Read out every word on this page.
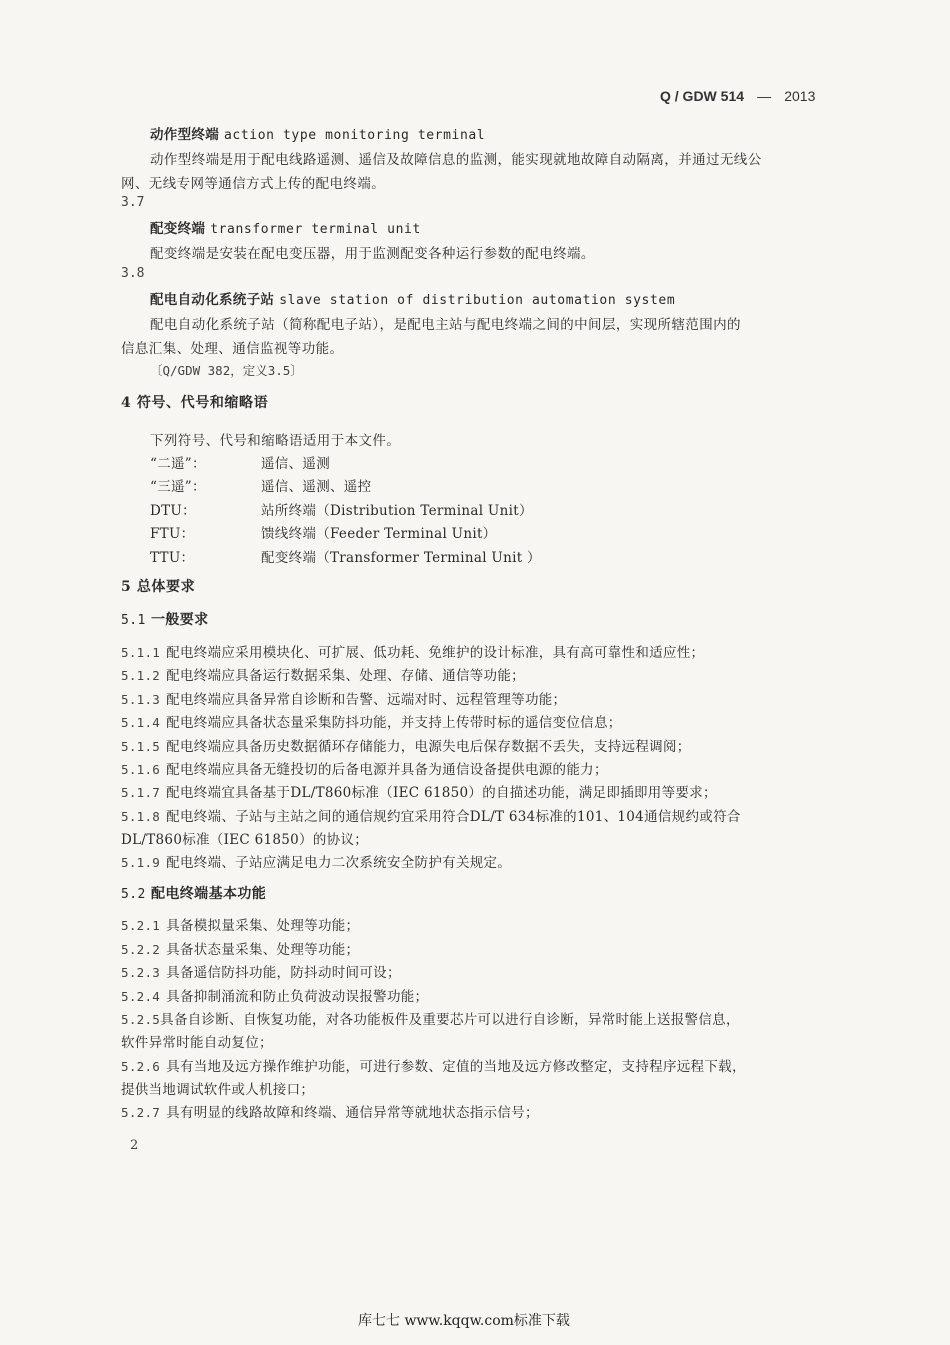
Q / GDW 514 — 2013
动作型终端 action type monitoring terminal
动作型终端是用于配电线路遥测、遥信及故障信息的监测，能实现就地故障自动隔离，并通过无线公
网、无线专网等通信方式上传的配电终端。
3.7
配变终端 transformer terminal unit
配变终端是安装在配电变压器，用于监测配变各种运行参数的配电终端。
3.8
配电自动化系统子站 slave station of distribution automation system
配电自动化系统子站（简称配电子站），是配电主站与配电终端之间的中间层，实现所辖范围内的
信息汇集、处理、通信监视等功能。
〔Q/GDW 382，定义3.5〕
4 符号、代号和缩略语
下列符号、代号和缩略语适用于本文件。
“二遥”：	遥信、遥测
“三遥”：	遥信、遥测、遥控
DTU：	站所终端（Distribution Terminal Unit）
FTU：	馈线终端（Feeder Terminal Unit）
TTU：	配变终端（Transformer Terminal Unit ）
5 总体要求
5.1 一般要求
5.1.1 配电终端应采用模块化、可扩展、低功耗、免维护的设计标准，具有高可靠性和适应性；
5.1.2 配电终端应具备运行数据采集、处理、存储、通信等功能；
5.1.3 配电终端应具备异常自诊断和告警、远端对时、远程管理等功能；
5.1.4 配电终端应具备状态量采集防抖功能，并支持上传带时标的遥信变位信息；
5.1.5 配电终端应具备历史数据循环存储能力，电源失电后保存数据不丢失，支持远程调阅；
5.1.6 配电终端应具备无缝投切的后备电源并具备为通信设备提供电源的能力；
5.1.7 配电终端宜具备基于DL/T860标准（IEC 61850）的自描述功能，满足即插即用等要求；
5.1.8 配电终端、子站与主站之间的通信规约宜采用符合DL/T 634标准的101、104通信规约或符合
DL/T860标准（IEC 61850）的协议；
5.1.9 配电终端、子站应满足电力二次系统安全防护有关规定。
5.2 配电终端基本功能
5.2.1 具备模拟量采集、处理等功能；
5.2.2 具备状态量采集、处理等功能；
5.2.3 具备遥信防抖功能，防抖动时间可设；
5.2.4 具备抑制涌流和防止负荷波动误报警功能；
5.2.5具备自诊断、自恢复功能，对各功能板件及重要芯片可以进行自诊断，异常时能上送报警信息，
软件异常时能自动复位；
5.2.6 具有当地及远方操作维护功能，可进行参数、定值的当地及远方修改整定，支持程序远程下载，
提供当地调试软件或人机接口；
5.2.7 具有明显的线路故障和终端、通信异常等就地状态指示信号；
2
库七七 www.kqqw.com标准下载
